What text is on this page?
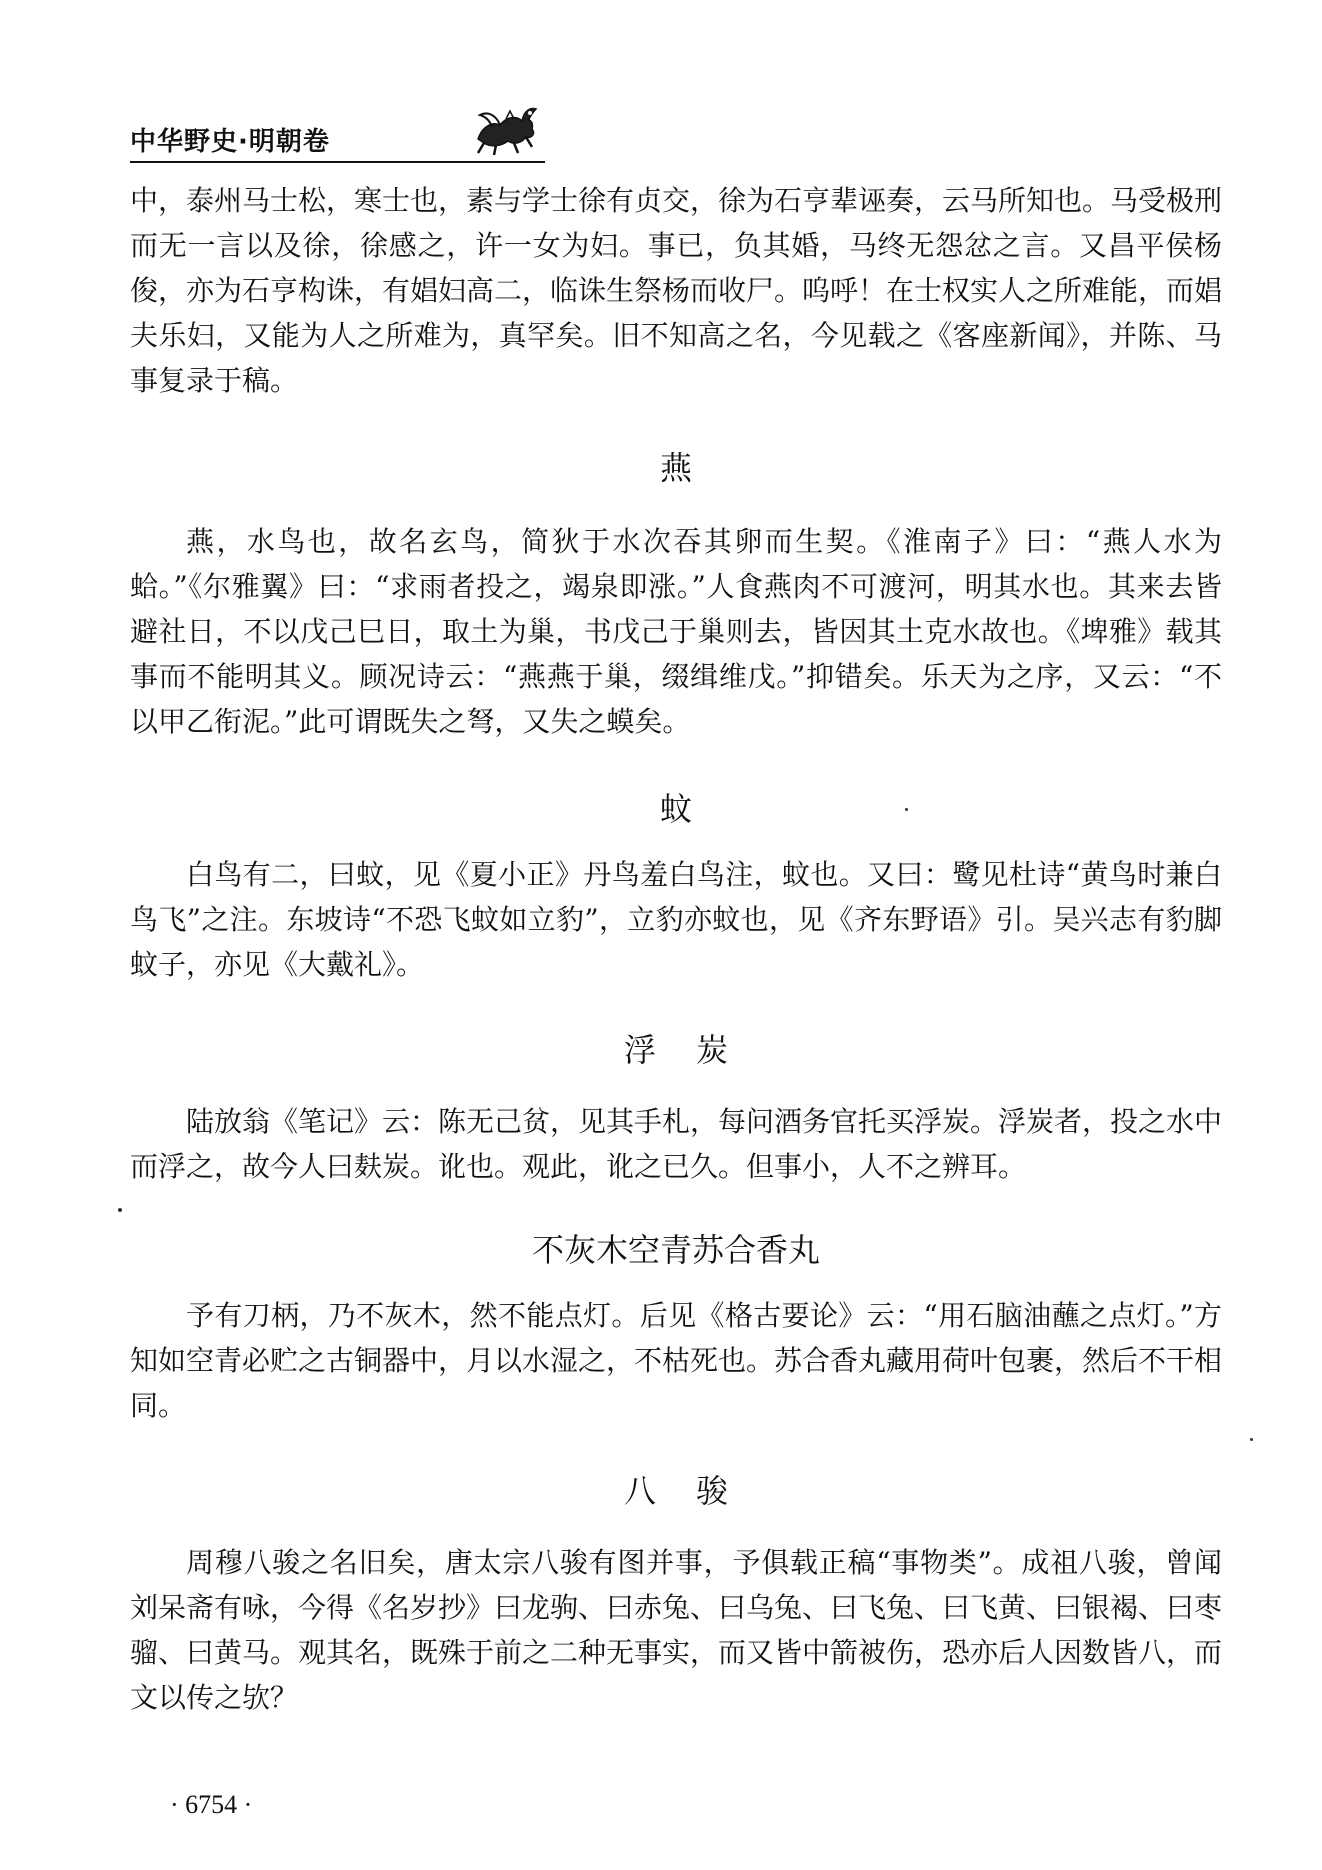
中华野史·明朝卷

中，泰州马士松，寒士也，素与学士徐有贞交，徐为石亨辈诬奏，云马所知也。马受极刑而无一言以及徐，徐感之，许一女为妇。事已，负其婚，马终无怨忿之言。又昌平侯杨俊，亦为石亨构诛，有娼妇高二，临诛生祭杨而收尸。呜呼！在士权实人之所难能，而娼夫乐妇，又能为人之所难为，真罕矣。旧不知高之名，今见载之《客座新闻》，并陈、马事复录于稿。

燕

燕，水鸟也，故名玄鸟，简狄于水次吞其卵而生契。《淮南子》曰：“燕人水为蛤。”《尔雅翼》曰：“求雨者投之，竭泉即涨。”人食燕肉不可渡河，明其水也。其来去皆避社日，不以戊己巳日，取土为巢，书戊己于巢则去，皆因其土克水故也。《埤雅》载其事而不能明其义。顾况诗云：“燕燕于巢，缀缉维戊。”抑错矣。乐天为之序，又云：“不以甲乙衔泥。”此可谓既失之弩，又失之蟆矣。

蚊

白鸟有二，曰蚊，见《夏小正》丹鸟羞白鸟注，蚊也。又曰：鹭见杜诗“黄鸟时兼白鸟飞”之注。东坡诗“不恐飞蚊如立豹”，立豹亦蚊也，见《齐东野语》引。吴兴志有豹脚蚊子，亦见《大戴礼》。

浮炭

陆放翁《笔记》云：陈无己贫，见其手札，每问酒务官托买浮炭。浮炭者，投之水中而浮之，故今人曰麸炭。讹也。观此，讹之已久。但事小，人不之辨耳。

不灰木空青苏合香丸

予有刀柄，乃不灰木，然不能点灯。后见《格古要论》云：“用石脑油蘸之点灯。”方知如空青必贮之古铜器中，月以水湿之，不枯死也。苏合香丸藏用荷叶包裹，然后不干相同。

八骏

周穆八骏之名旧矣，唐太宗八骏有图并事，予俱载正稿“事物类”。成祖八骏，曾闻刘呆斋有咏，今得《名岁抄》曰龙驹、曰赤兔、曰乌兔、曰飞兔、曰飞黄、曰银褐、曰枣骝、曰黄马。观其名，既殊于前之二种无事实，而又皆中箭被伤，恐亦后人因数皆八，而文以传之欤？

· 6754 ·
